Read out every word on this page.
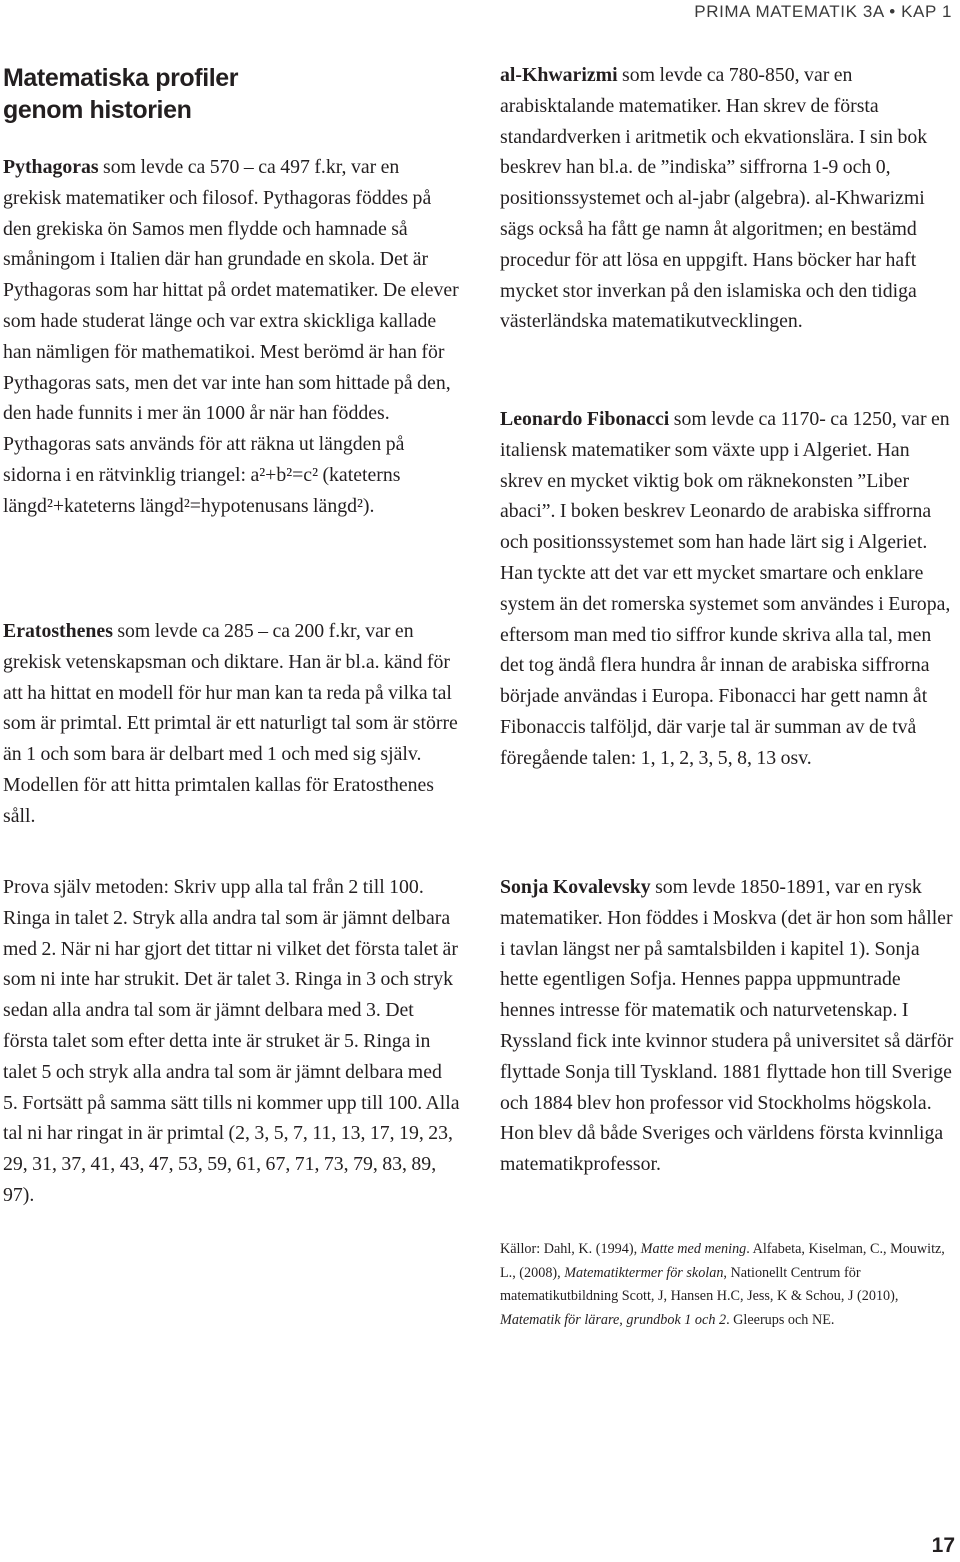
PRIMA MATEMATIK 3A • KAP 1
Matematiska profiler
genom historien

Pythagoras som levde ca 570 – ca 497 f.kr, var en grekisk matematiker och filosof. Pythagoras föddes på den grekiska ön Samos men flydde och hamnade så småningom i Italien där han grundade en skola. Det är Pythagoras som har hittat på ordet matematiker. De elever som hade studerat länge och var extra skickliga kallade han nämligen för mathematikoi. Mest berömd är han för Pythagoras sats, men det var inte han som hittade på den, den hade funnits i mer än 1000 år när han föddes. Pythagoras sats används för att räkna ut längden på sidorna i en rätvinklig triangel: a²+b²=c² (kateterns längd²+kateterns längd²=hypotenusans längd²).

Eratosthenes som levde ca 285 – ca 200 f.kr, var en grekisk vetenskapsman och diktare. Han är bl.a. känd för att ha hittat en modell för hur man kan ta reda på vilka tal som är primtal. Ett primtal är ett naturligt tal som är större än 1 och som bara är delbart med 1 och med sig själv. Modellen för att hitta primtalen kallas för Eratosthenes såll.

Prova själv metoden: Skriv upp alla tal från 2 till 100. Ringa in talet 2. Stryk alla andra tal som är jämnt delbara med 2. När ni har gjort det tittar ni vilket det första talet är som ni inte har strukit. Det är talet 3. Ringa in 3 och stryk sedan alla andra tal som är jämnt delbara med 3. Det första talet som efter detta inte är struket är 5. Ringa in talet 5 och stryk alla andra tal som är jämnt delbara med 5. Fortsätt på samma sätt tills ni kommer upp till 100. Alla tal ni har ringat in är primtal (2, 3, 5, 7, 11, 13, 17, 19, 23, 29, 31, 37, 41, 43, 47, 53, 59, 61, 67, 71, 73, 79, 83, 89, 97).

al-Khwarizmi som levde ca 780-850, var en arabisktalande matematiker. Han skrev de första standardverken i aritmetik och ekvationslära. I sin bok beskrev han bl.a. de ”indiska” siffrorna 1-9 och 0, positionssystemet och al-jabr (algebra). al-Khwarizmi sägs också ha fått ge namn åt algoritmen; en bestämd procedur för att lösa en uppgift. Hans böcker har haft mycket stor inverkan på den islamiska och den tidiga västerländska matematikutvecklingen.

Leonardo Fibonacci som levde ca 1170- ca 1250, var en italiensk matematiker som växte upp i Algeriet. Han skrev en mycket viktig bok om räknekonsten ”Liber abaci”. I boken beskrev Leonardo de arabiska siffrorna och positionssystemet som han hade lärt sig i Algeriet. Han tyckte att det var ett mycket smartare och enklare system än det romerska systemet som användes i Europa, eftersom man med tio siffror kunde skriva alla tal, men det tog ändå flera hundra år innan de arabiska siffrorna började användas i Europa. Fibonacci har gett namn åt Fibonaccis talföljd, där varje tal är summan av de två föregående talen: 1, 1, 2, 3, 5, 8, 13 osv.

Sonja Kovalevsky som levde 1850-1891, var en rysk matematiker. Hon föddes i Moskva (det är hon som håller i tavlan längst ner på samtalsbilden i kapitel 1). Sonja hette egentligen Sofja. Hennes pappa uppmuntrade hennes intresse för matematik och naturvetenskap. I Ryssland fick inte kvinnor studera på universitet så därför flyttade Sonja till Tyskland. 1881 flyttade hon till Sverige och 1884 blev hon professor vid Stockholms högskola. Hon blev då både Sveriges och världens första kvinnliga matematikprofessor.

Källor: Dahl, K. (1994), Matte med mening. Alfabeta, Kiselman, C., Mouwitz, L., (2008), Matematiktermer för skolan, Nationellt Centrum för matematikutbildning Scott, J, Hansen H.C, Jess, K & Schou, J (2010), Matematik för lärare, grundbok 1 och 2. Gleerups och NE.

17
